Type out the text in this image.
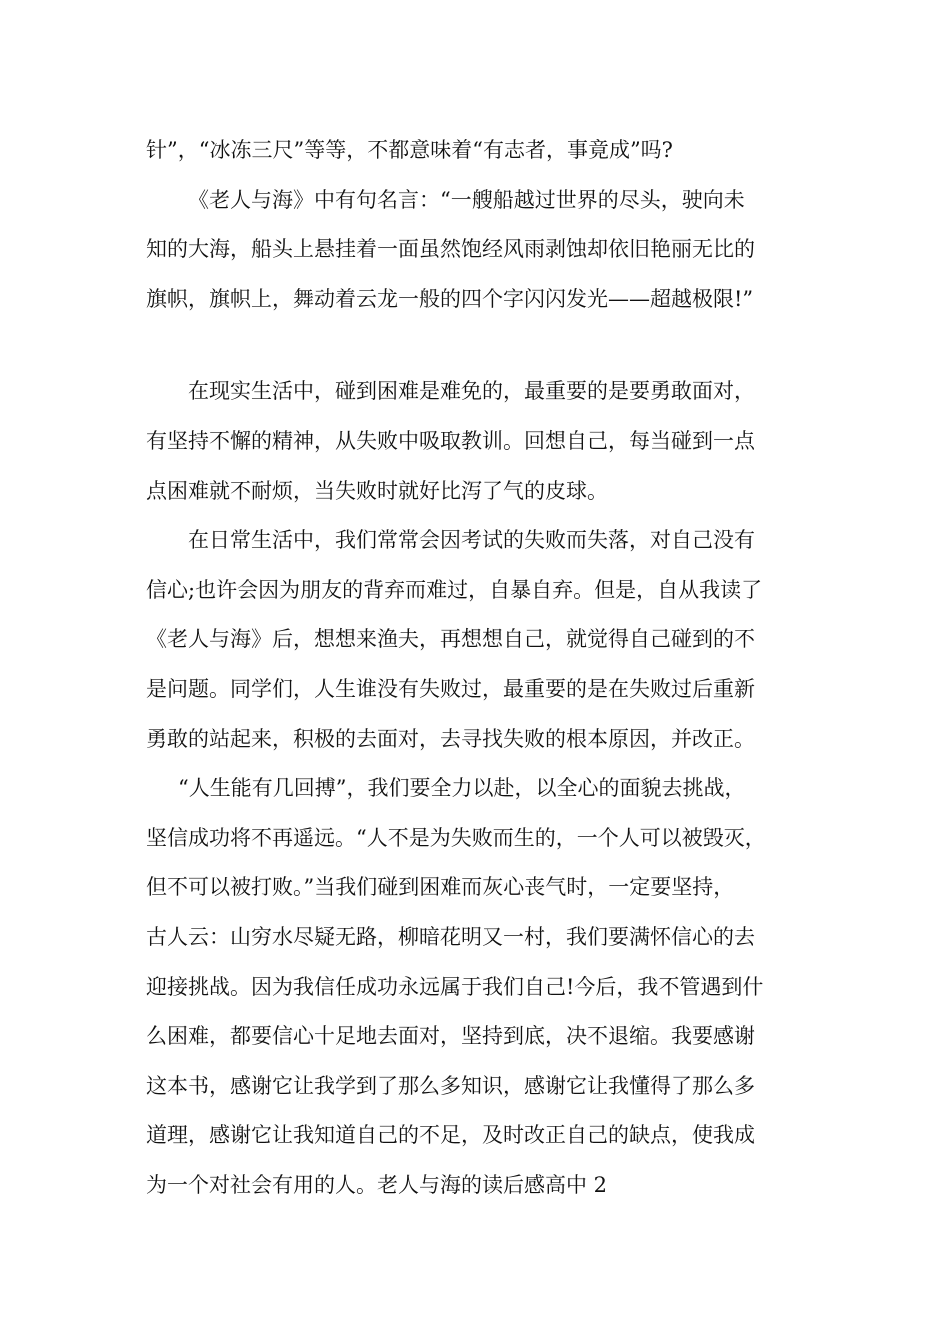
针”，“冰冻三尺”等等，不都意味着“有志者，事竟成”吗?
《老人与海》中有句名言：“一艘船越过世界的尽头，驶向未
知的大海，船头上悬挂着一面虽然饱经风雨剥蚀却依旧艳丽无比的
旗帜，旗帜上，舞动着云龙一般的四个字闪闪发光——超越极限!”
在现实生活中，碰到困难是难免的，最重要的是要勇敢面对，
有坚持不懈的精神，从失败中吸取教训。回想自己，每当碰到一点
点困难就不耐烦，当失败时就好比泻了气的皮球。
在日常生活中，我们常常会因考试的失败而失落，对自己没有
信心;也许会因为朋友的背弃而难过，自暴自弃。但是，自从我读了
《老人与海》后，想想来渔夫，再想想自己，就觉得自己碰到的不
是问题。同学们，人生谁没有失败过，最重要的是在失败过后重新
勇敢的站起来，积极的去面对，去寻找失败的根本原因，并改正。
“人生能有几回搏”，我们要全力以赴，以全心的面貌去挑战，
坚信成功将不再遥远。“人不是为失败而生的，一个人可以被毁灭，
但不可以被打败。”当我们碰到困难而灰心丧气时，一定要坚持，
古人云：山穷水尽疑无路，柳暗花明又一村，我们要满怀信心的去
迎接挑战。因为我信任成功永远属于我们自己!今后，我不管遇到什
么困难，都要信心十足地去面对，坚持到底，决不退缩。我要感谢
这本书，感谢它让我学到了那么多知识，感谢它让我懂得了那么多
道理，感谢它让我知道自己的不足，及时改正自己的缺点，使我成
为一个对社会有用的人。老人与海的读后感高中 2
